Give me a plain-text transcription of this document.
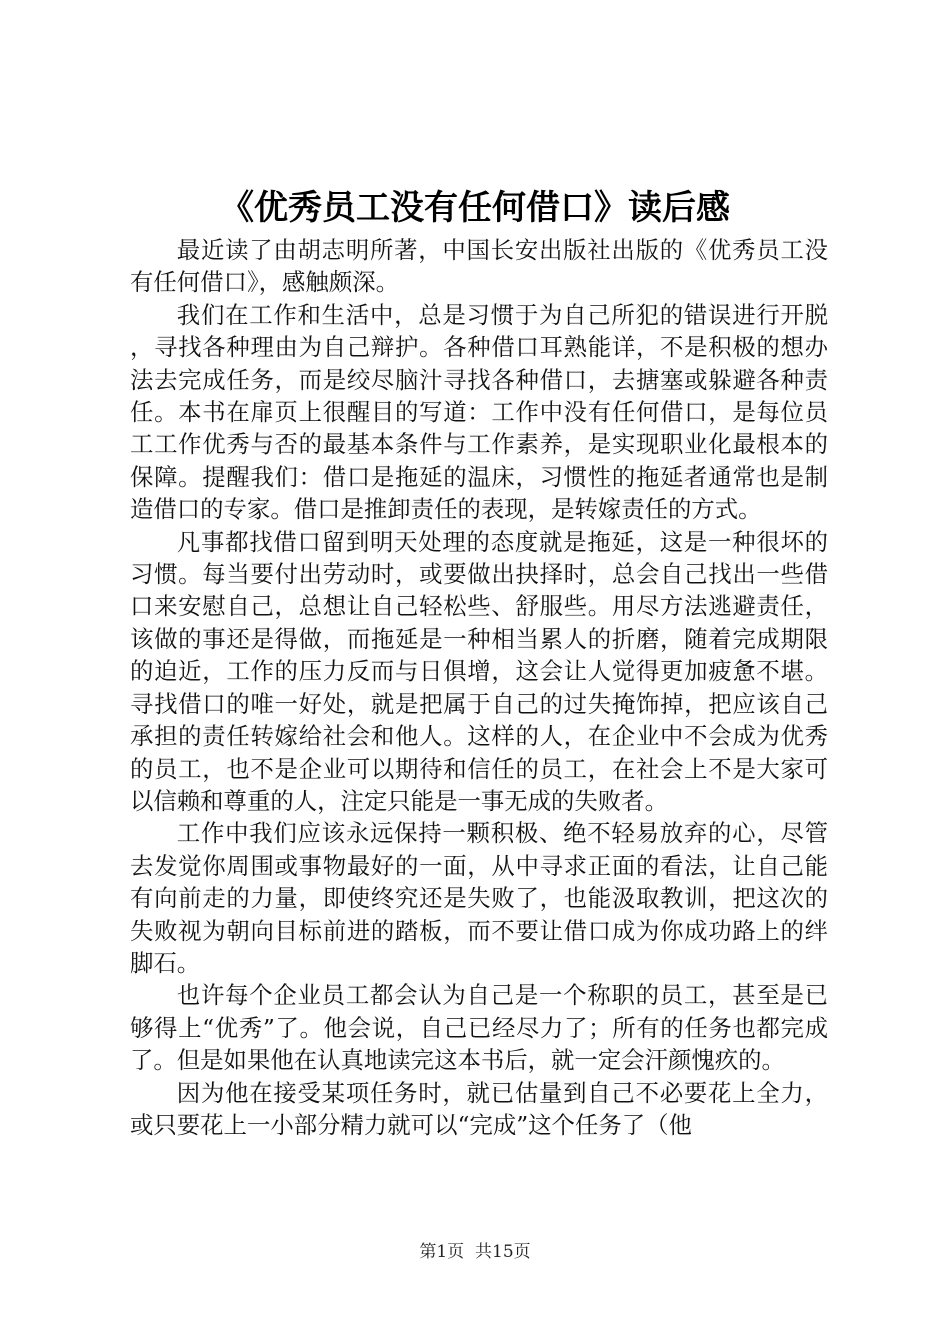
《优秀员工没有任何借口》读后感

最近读了由胡志明所著，中国长安出版社出版的《优秀员工没有任何借口》，感触颇深。

我们在工作和生活中，总是习惯于为自己所犯的错误进行开脱，寻找各种理由为自己辩护。各种借口耳熟能详，不是积极的想办法去完成任务，而是绞尽脑汁寻找各种借口，去搪塞或躲避各种责任。本书在扉页上很醒目的写道：工作中没有任何借口，是每位员工工作优秀与否的最基本条件与工作素养，是实现职业化最根本的保障。提醒我们：借口是拖延的温床，习惯性的拖延者通常也是制造借口的专家。借口是推卸责任的表现，是转嫁责任的方式。

凡事都找借口留到明天处理的态度就是拖延，这是一种很坏的习惯。每当要付出劳动时，或要做出抉择时，总会自己找出一些借口来安慰自己，总想让自己轻松些、舒服些。用尽方法逃避责任，该做的事还是得做，而拖延是一种相当累人的折磨，随着完成期限的迫近，工作的压力反而与日俱增，这会让人觉得更加疲惫不堪。寻找借口的唯一好处，就是把属于自己的过失掩饰掉，把应该自己承担的责任转嫁给社会和他人。这样的人，在企业中不会成为优秀的员工，也不是企业可以期待和信任的员工，在社会上不是大家可以信赖和尊重的人，注定只能是一事无成的失败者。

工作中我们应该永远保持一颗积极、绝不轻易放弃的心，尽管去发觉你周围或事物最好的一面，从中寻求正面的看法，让自己能有向前走的力量，即使终究还是失败了，也能汲取教训，把这次的失败视为朝向目标前进的踏板，而不要让借口成为你成功路上的绊脚石。

也许每个企业员工都会认为自己是一个称职的员工，甚至是已够得上“优秀”了。他会说，自己已经尽力了；所有的任务也都完成了。但是如果他在认真地读完这本书后，就一定会汗颜愧疚的。

因为他在接受某项任务时，就已估量到自己不必要花上全力，或只要花上一小部分精力就可以“完成”这个任务了（他

第1页 共15页
